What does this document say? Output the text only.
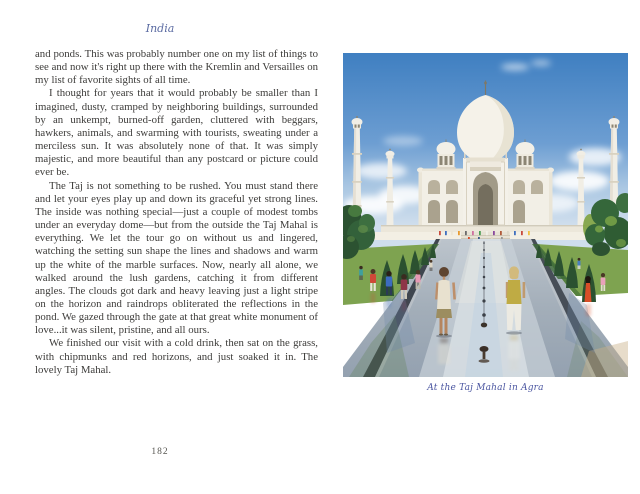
India

and ponds. This was probably number one on my list of things to see and now it's right up there with the Kremlin and Versailles on my list of favorite sights of all time.

I thought for years that it would probably be smaller than I imagined, dusty, cramped by neighboring buildings, surrounded by an unkempt, burned-off garden, cluttered with beggars, hawkers, animals, and swarming with tourists, sweating under a merciless sun. It was absolutely none of that. It was simply majestic, and more beautiful than any postcard or picture could ever be.

The Taj is not something to be rushed. You must stand there and let your eyes play up and down its graceful yet strong lines. The inside was nothing special—just a couple of modest tombs under an everyday dome—but from the outside the Taj Mahal is everything. We let the tour go on without us and lingered, watching the setting sun shape the lines and shadows and warm up the white of the marble surfaces. Now, nearly all alone, we walked around the lush gardens, catching it from different angles. The clouds got dark and heavy leaving just a light stripe on the horizon and raindrops obliterated the reflections in the pond. We gazed through the gate at that great white monument of love...it was silent, pristine, and all ours.

We finished our visit with a cold drink, then sat on the grass, with chipmunks and red horizons, and just soaked it in. The lovely Taj Mahal.

182
At the Taj Mahal in Agra
